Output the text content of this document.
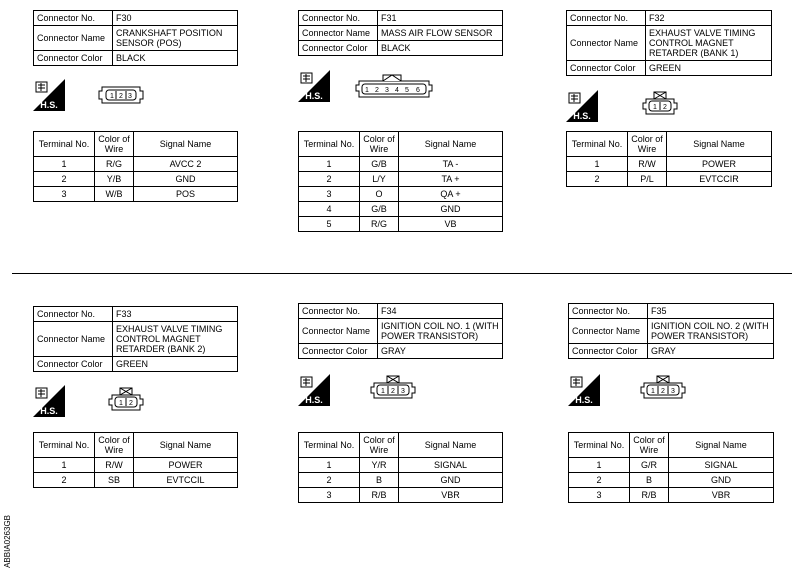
Connector No.	F30
Connector Name	CRANKSHAFT POSITION SENSOR (POS)
Connector Color	BLACK
H.S.
1 2 3
Terminal No.	Color of Wire	Signal Name
1	R/G	AVCC 2
2	Y/B	GND
3	W/B	POS
Connector No.	F31
Connector Name	MASS AIR FLOW SENSOR
Connector Color	BLACK
H.S.
1 2 3 4 5 6
Terminal No.	Color of Wire	Signal Name
1	G/B	TA -
2	L/Y	TA +
3	O	QA +
4	G/B	GND
5	R/G	VB
Connector No.	F32
Connector Name	EXHAUST VALVE TIMING CONTROL MAGNET RETARDER (BANK 1)
Connector Color	GREEN
H.S.
1 2
Terminal No.	Color of Wire	Signal Name
1	R/W	POWER
2	P/L	EVTCCIR
Connector No.	F33
Connector Name	EXHAUST VALVE TIMING CONTROL MAGNET RETARDER (BANK 2)
Connector Color	GREEN
H.S.
1 2
Terminal No.	Color of Wire	Signal Name
1	R/W	POWER
2	SB	EVTCCIL
Connector No.	F34
Connector Name	IGNITION COIL NO. 1 (WITH POWER TRANSISTOR)
Connector Color	GRAY
H.S.
1 2 3
Terminal No.	Color of Wire	Signal Name
1	Y/R	SIGNAL
2	B	GND
3	R/B	VBR
Connector No.	F35
Connector Name	IGNITION COIL NO. 2 (WITH POWER TRANSISTOR)
Connector Color	GRAY
H.S.
1 2 3
Terminal No.	Color of Wire	Signal Name
1	G/R	SIGNAL
2	B	GND
3	R/B	VBR
ABBIA0263GB
